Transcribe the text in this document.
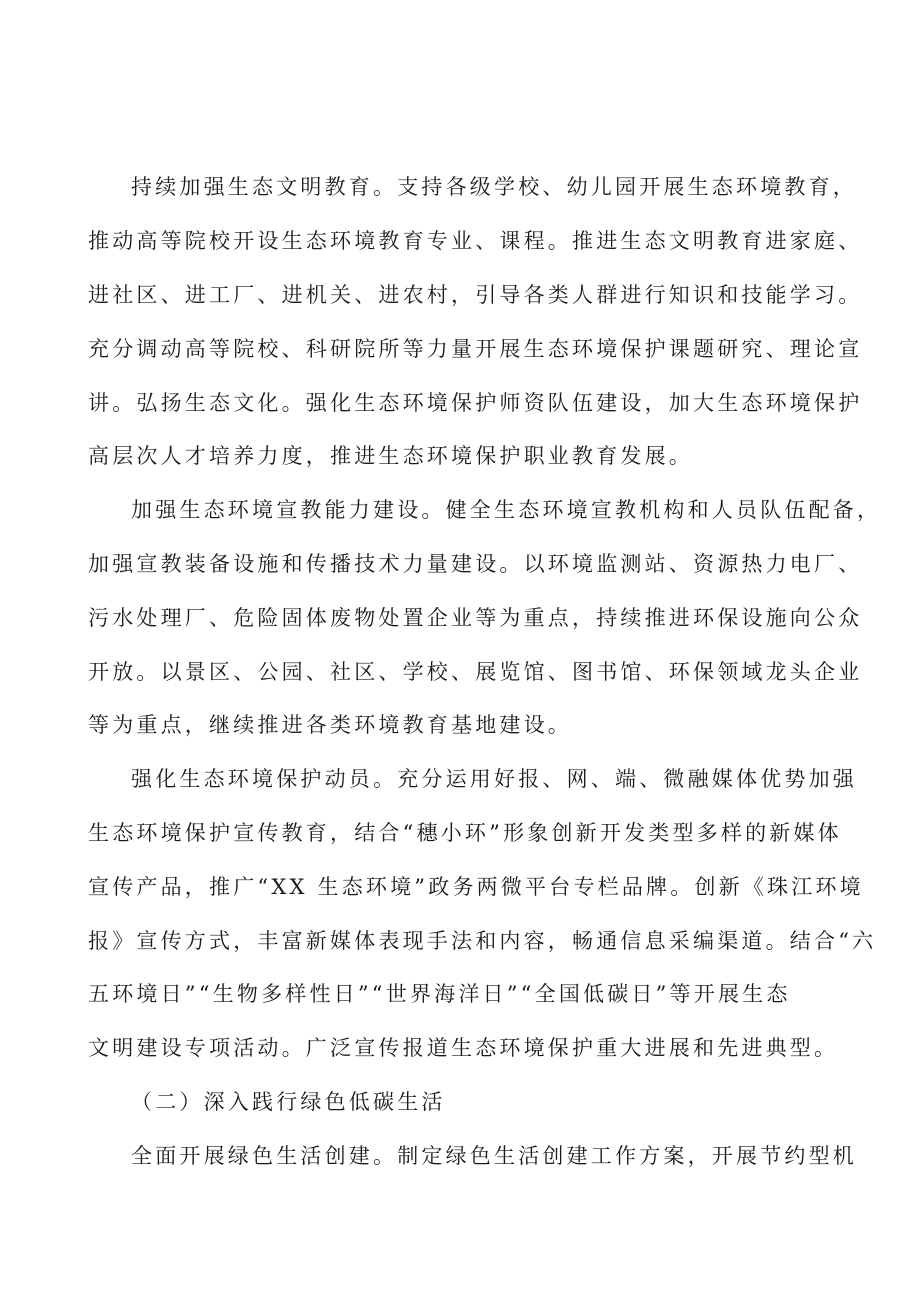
持续加强生态文明教育。支持各级学校、幼儿园开展生态环境教育，
推动高等院校开设生态环境教育专业、课程。推进生态文明教育进家庭、
进社区、进工厂、进机关、进农村，引导各类人群进行知识和技能学习。
充分调动高等院校、科研院所等力量开展生态环境保护课题研究、理论宣
讲。弘扬生态文化。强化生态环境保护师资队伍建设，加大生态环境保护
高层次人才培养力度，推进生态环境保护职业教育发展。
加强生态环境宣教能力建设。健全生态环境宣教机构和人员队伍配备，
加强宣教装备设施和传播技术力量建设。以环境监测站、资源热力电厂、
污水处理厂、危险固体废物处置企业等为重点，持续推进环保设施向公众
开放。以景区、公园、社区、学校、展览馆、图书馆、环保领域龙头企业
等为重点，继续推进各类环境教育基地建设。
强化生态环境保护动员。充分运用好报、网、端、微融媒体优势加强
生态环境保护宣传教育，结合“穗小环”形象创新开发类型多样的新媒体
宣传产品，推广“XX 生态环境”政务两微平台专栏品牌。创新《珠江环境
报》宣传方式，丰富新媒体表现手法和内容，畅通信息采编渠道。结合“六
五环境日”“生物多样性日”“世界海洋日”“全国低碳日”等开展生态
文明建设专项活动。广泛宣传报道生态环境保护重大进展和先进典型。
（二）深入践行绿色低碳生活
全面开展绿色生活创建。制定绿色生活创建工作方案，开展节约型机
